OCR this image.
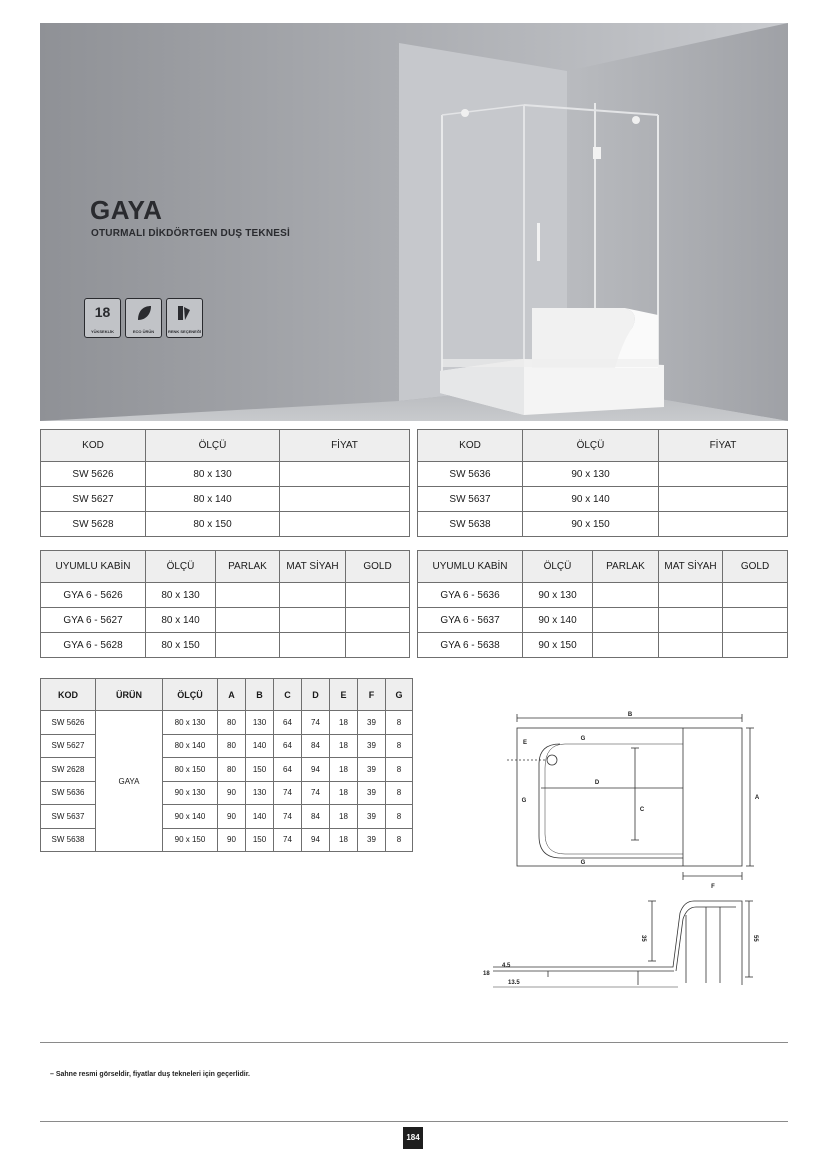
GAYA
OTURMALI DİKDÖRTGEN DUŞ TEKNESİ
18
YÜKSEKLİK	ECO ÜRÜN	RENK SEÇENEĞİ
KOD	ÖLÇÜ	FİYAT
SW 5626	80 x 130	
SW 5627	80 x 140	
SW 5628	80 x 150	
KOD	ÖLÇÜ	FİYAT
SW 5636	90 x 130	
SW 5637	90 x 140	
SW 5638	90 x 150	
UYUMLU KABİN	ÖLÇÜ	PARLAK	MAT SİYAH	GOLD
GYA 6 - 5626	80 x 130			
GYA 6 - 5627	80 x 140			
GYA 6 - 5628	80 x 150			
UYUMLU KABİN	ÖLÇÜ	PARLAK	MAT SİYAH	GOLD
GYA 6 - 5636	90 x 130			
GYA 6 - 5637	90 x 140			
GYA 6 - 5638	90 x 150			
KOD	ÜRÜN	ÖLÇÜ	A	B	C	D	E	F	G
SW 5626	GAYA	80 x 130	80	130	64	74	18	39	8
SW 5627		80 x 140	80	140	64	84	18	39	8
SW 2628		80 x 150	80	150	64	94	18	39	8
SW 5636		90 x 130	90	130	74	74	18	39	8
SW 5637		90 x 140	90	140	74	84	18	39	8
SW 5638		90 x 150	90	150	74	94	18	39	8
B
E
G
G
G
D
C
A
F
35	55
4.5
18
13.5
– Sahne resmi görseldir, fiyatlar duş tekneleri için geçerlidir.
184
